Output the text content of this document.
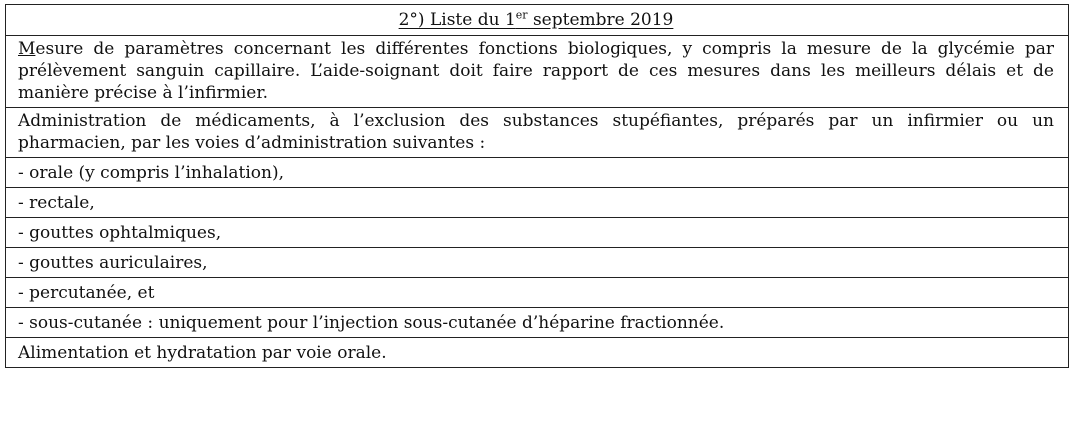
2°) Liste du 1er septembre 2019
Mesure de paramètres concernant les différentes fonctions biologiques, y compris la mesure de la glycémie par prélèvement sanguin capillaire. L’aide-soignant doit faire rapport de ces mesures dans les meilleurs délais et de manière précise à l’infirmier.
Administration de médicaments, à l’exclusion des substances stupéfiantes, préparés par un infirmier ou un pharmacien, par les voies d’administration suivantes :
- orale (y compris l’inhalation),
- rectale,
- gouttes ophtalmiques,
- gouttes auriculaires,
- percutanée, et
- sous-cutanée : uniquement pour l’injection sous-cutanée d’héparine fractionnée.
Alimentation et hydratation par voie orale.
